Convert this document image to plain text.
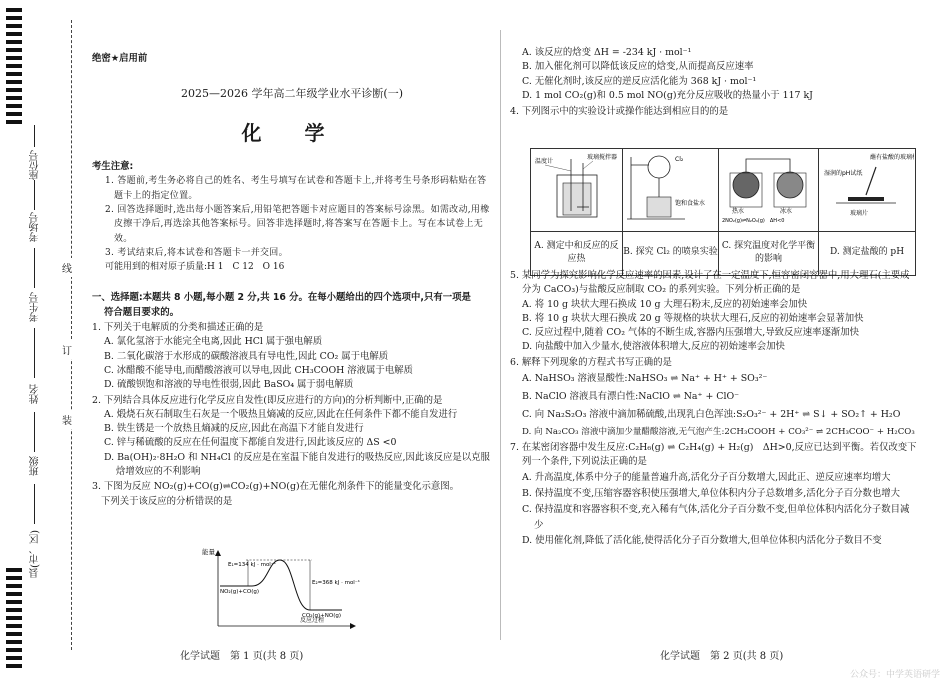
座位号
考场号
考生号
姓名
班级
县(市、区)
线
订
装
绝密★启用前
2025—2026 学年高二年级学业水平诊断(一)
化 学
考生注意:
1. 答题前,考生务必将自己的姓名、考生号填写在试卷和答题卡上,并将考生号条形码粘贴在答题卡上的指定位置。
2. 回答选择题时,选出每小题答案后,用铅笔把答题卡对应题目的答案标号涂黑。如需改动,用橡皮擦干净后,再选涂其他答案标号。回答非选择题时,将答案写在答题卡上。写在本试卷上无效。
3. 考试结束后,将本试卷和答题卡一并交回。
可能用到的相对原子质量:H 1　C 12　O 16
一、选择题:本题共 8 小题,每小题 2 分,共 16 分。在每小题给出的四个选项中,只有一项是
符合题目要求的。
1. 下列关于电解质的分类和描述正确的是
A. 氯化氢溶于水能完全电离,因此 HCl 属于强电解质
B. 二氧化碳溶于水形成的碳酸溶液具有导电性,因此 CO₂ 属于电解质
C. 冰醋酸不能导电,而醋酸溶液可以导电,因此 CH₃COOH 溶液属于电解质
D. 硫酸钡饱和溶液的导电性很弱,因此 BaSO₄ 属于弱电解质
2. 下列结合具体反应进行化学反应自发性(即反应进行的方向)的分析判断中,正确的是
A. 煅烧石灰石制取生石灰是一个吸热且熵减的反应,因此在任何条件下都不能自发进行
B. 铁生锈是一个放热且熵减的反应,因此在高温下才能自发进行
C. 锌与稀硫酸的反应在任何温度下都能自发进行,因此该反应的 ΔS <0
D. Ba(OH)₂·8H₂O 和 NH₄Cl 的反应是在室温下能自发进行的吸热反应,因此该反应是以克服焓增效应的不利影响
3. 下图为反应 NO₂(g)+CO(g)⇌CO₂(g)+NO(g)在无催化剂条件下的能量变化示意图。
下列关于该反应的分析错误的是
能量
反应过程
E₁=134 kJ · mol⁻¹
E₂=368 kJ · mol⁻¹
NO₂(g)+CO(g)
CO₂(g)+NO(g)
A. 该反应的焓变 ΔH = -234 kJ · mol⁻¹
B. 加入催化剂可以降低该反应的焓变,从而提高反应速率
C. 无催化剂时,该反应的逆反应活化能为 368 kJ · mol⁻¹
D. 1 mol CO₂(g)和 0.5 mol NO(g)充分反应吸收的热量小于 117 kJ
4. 下列图示中的实验设计或操作能达到相应目的的是
温度计
玻璃搅拌器	Cl₂
饱和食盐水	热水 冰水
2NO₂(g)⇌N₂O₄(g)　ΔH<0	蘸有盐酸的玻璃棒
湿润的pH试纸
玻璃片

A. 测定中和反应的反应热	B. 探究 Cl₂ 的喷泉实验	C. 探究温度对化学平衡的影响	D. 测定盐酸的 pH
5. 某同学为探究影响化学反应速率的因素,设计了在一定温度下,恒容密闭容器中,用大理石(主要成分为 CaCO₃)与盐酸反应制取 CO₂ 的系列实验。下列分析正确的是
A. 将 10 g 块状大理石换成 10 g 大理石粉末,反应的初始速率会加快
B. 将 10 g 块状大理石换成 20 g 等规格的块状大理石,反应的初始速率会显著加快
C. 反应过程中,随着 CO₂ 气体的不断生成,容器内压强增大,导致反应速率逐渐加快
D. 向盐酸中加入少量水,使溶液体积增大,反应的初始速率会加快
6. 解释下列现象的方程式书写正确的是
A. NaHSO₃ 溶液显酸性:NaHSO₃ ⇌ Na⁺ + H⁺ + SO₃²⁻
B. NaClO 溶液具有漂白性:NaClO ⇌ Na⁺ + ClO⁻
C. 向 Na₂S₂O₃ 溶液中滴加稀硫酸,出现乳白色浑浊:S₂O₃²⁻ + 2H⁺ ⇌ S↓ + SO₂↑ + H₂O
D. 向 Na₂CO₃ 溶液中滴加少量醋酸溶液,无气泡产生:2CH₃COOH + CO₃²⁻ ⇌ 2CH₃COO⁻ + H₂CO₃
7. 在某密闭容器中发生反应:C₂H₆(g) ⇌ C₂H₄(g) + H₂(g)　ΔH>0,反应已达到平衡。若仅改变下列一个条件,下列说法正确的是
A. 升高温度,体系中分子的能量普遍升高,活化分子百分数增大,因此正、逆反应速率均增大
B. 保持温度不变,压缩容器容积使压强增大,单位体积内分子总数增多,活化分子百分数也增大
C. 保持温度和容器容积不变,充入稀有气体,活化分子百分数不变,但单位体积内活化分子数目减少
D. 使用催化剂,降低了活化能,使得活化分子百分数增大,但单位体积内活化分子数目不变
化学试题　第 1 页(共 8 页)	化学试题　第 2 页(共 8 页)
公众号：中学英语研学
